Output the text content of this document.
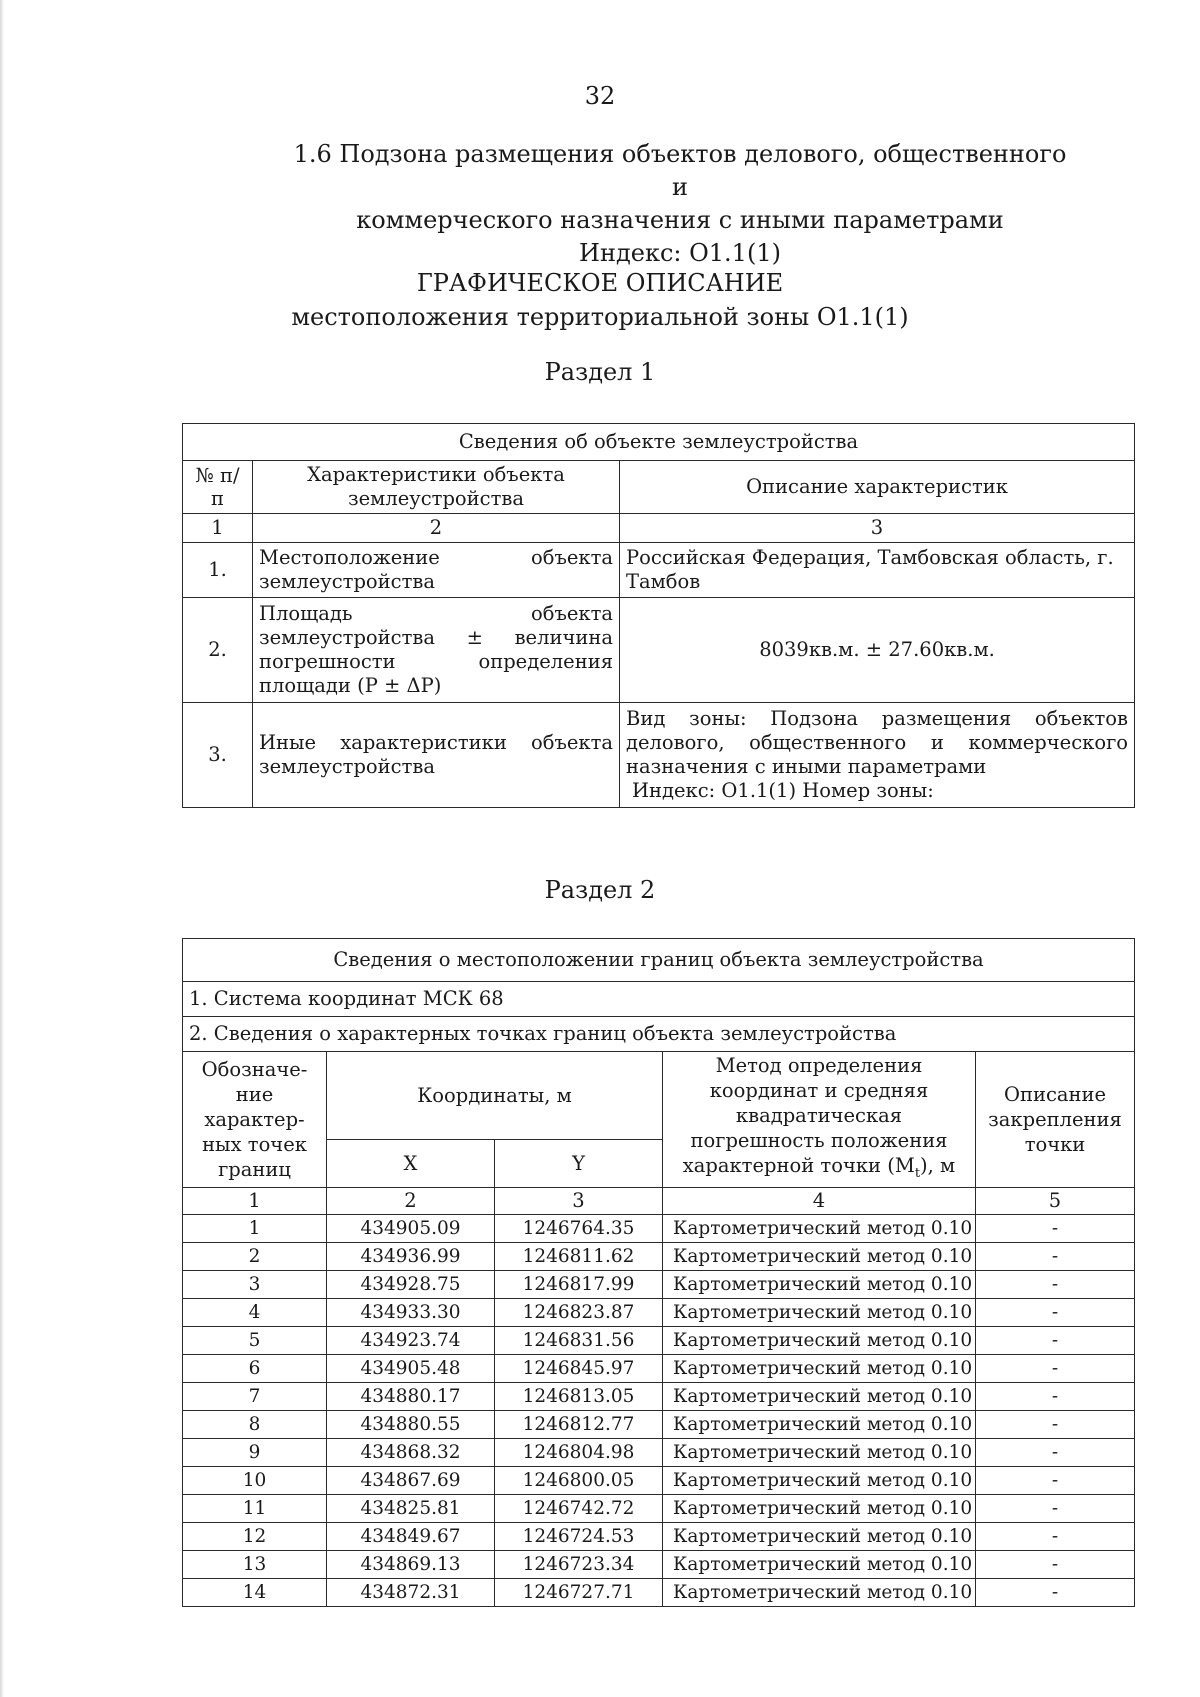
32
1.6 Подзона размещения объектов делового, общественного и
коммерческого назначения с иными параметрами
Индекс: О1.1(1)
ГРАФИЧЕСКОЕ ОПИСАНИЕ
местоположения территориальной зоны О1.1(1)
Раздел 1
Сведения об объекте землеустройства		
№ п/п	Характеристики объекта землеустройства	Описание характеристик
1	2	3
1.	Местоположение объекта землеустройства	Российская Федерация, Тамбовская область, г. Тамбов
2.	Площадь объекта землеустройства ± величина погрешности определения площади (Р ± ΔР)	8039кв.м. ± 27.60кв.м.
3.	Иные характеристики объекта землеустройства	Вид зоны: Подзона размещения объектов делового, общественного и коммерческого назначения с иными параметрами
Индекс: О1.1(1) Номер зоны:
Раздел 2
Сведения о местоположении границ объекта землеустройства				
1. Система координат МСК 68				
2. Сведения о характерных точках границ объекта землеустройства				
Обозначе-ние характер-ных точек границ	Координаты, м		Метод определения координат и средняя квадратическая погрешность положения характерной точки $(M_t)$, м	Описание закрепления точки
	X	Y		
1	2	3	4	5
1	434905.09	1246764.35	Картометрический метод 0.10	-
2	434936.99	1246811.62	Картометрический метод 0.10	-
3	434928.75	1246817.99	Картометрический метод 0.10	-
4	434933.30	1246823.87	Картометрический метод 0.10	-
5	434923.74	1246831.56	Картометрический метод 0.10	-
6	434905.48	1246845.97	Картометрический метод 0.10	-
7	434880.17	1246813.05	Картометрический метод 0.10	-
8	434880.55	1246812.77	Картометрический метод 0.10	-
9	434868.32	1246804.98	Картометрический метод 0.10	-
10	434867.69	1246800.05	Картометрический метод 0.10	-
11	434825.81	1246742.72	Картометрический метод 0.10	-
12	434849.67	1246724.53	Картометрический метод 0.10	-
13	434869.13	1246723.34	Картометрический метод 0.10	-
14	434872.31	1246727.71	Картометрический метод 0.10	-
